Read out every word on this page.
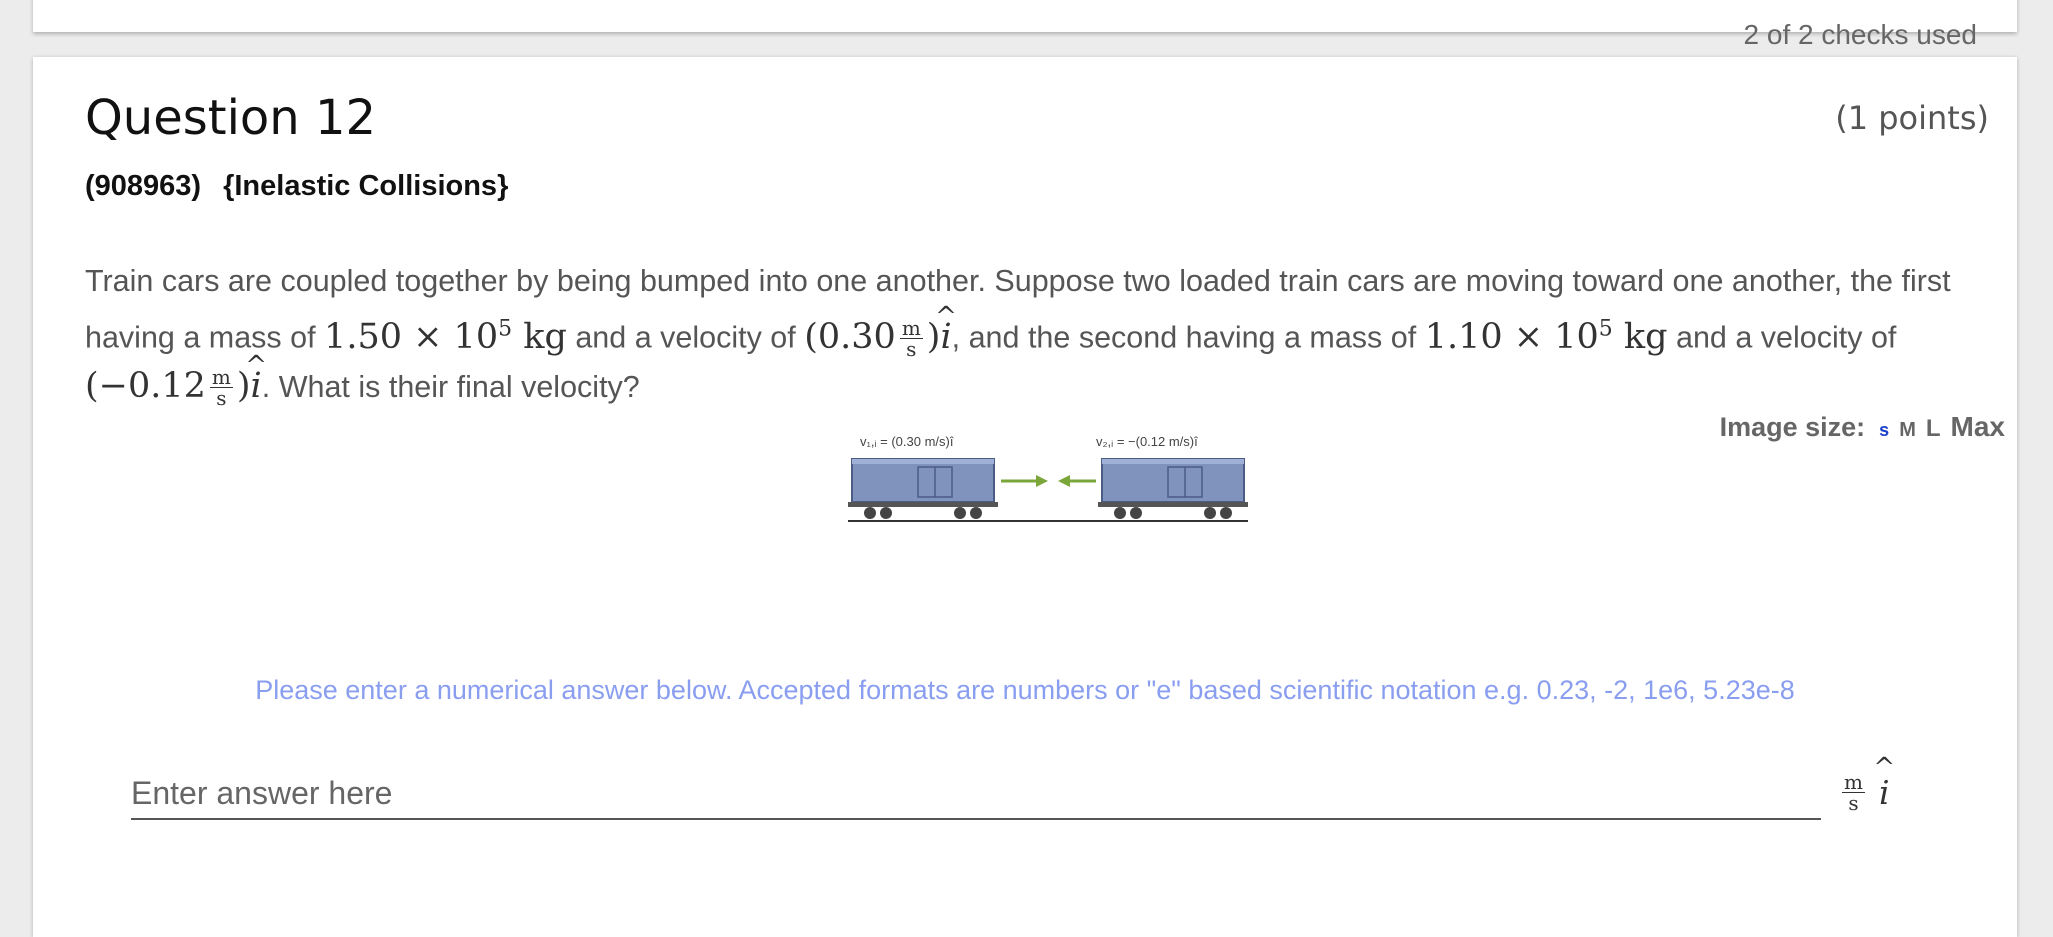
2 of 2 checks used
Question 12	(1 points)
(908963) {Inelastic Collisions}
Train cars are coupled together by being bumped into one another. Suppose two loaded train cars are moving toward one another, the first having a mass of $1.50 \times 10^5$ kg and a velocity of ($0.30 \frac{m}{s}$ )^ i, and the second having a mass of $1.10 \times 10^5$ kg and a velocity of ($-0.12 \frac{m}{s}$ )^ i. What is their final velocity?
Image size: s M L Max
v₁,ᵢ = (0.30 m/s)î	v₂,ᵢ = −(0.12 m/s)î
Please enter a numerical answer below. Accepted formats are numbers or "e" based scientific notation e.g. 0.23, -2, 1e6, 5.23e-8
Enter answer here
$\frac{m}{s}$
^ i
